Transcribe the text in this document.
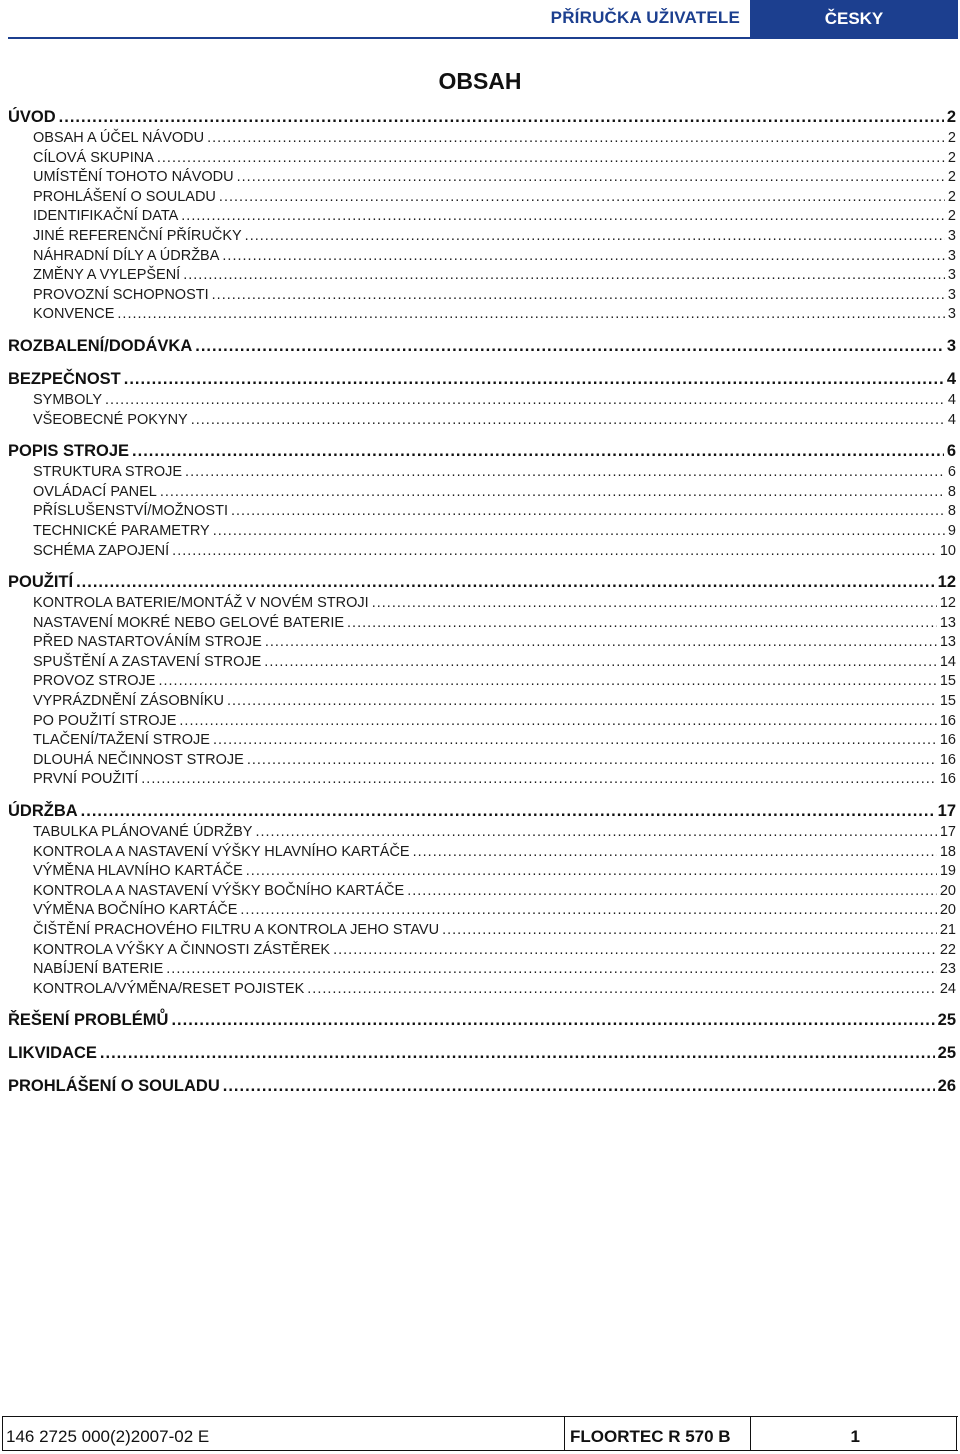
PŘÍRUČKA UŽIVATELE	ČESKY
OBSAH
ÚVOD .....	2
OBSAH A ÚČEL NÁVODU .....	2
CÍLOVÁ SKUPINA .....	2
UMÍSTĚNÍ TOHOTO NÁVODU .....	2
PROHLÁŠENÍ O SOULADU .....	2
IDENTIFIKAČNÍ DATA .....	2
JINÉ REFERENČNÍ PŘÍRUČKY .....	3
NÁHRADNÍ DÍLY A ÚDRŽBA .....	3
ZMĚNY A VYLEPŠENÍ .....	3
PROVOZNÍ SCHOPNOSTI .....	3
KONVENCE .....	3
ROZBALENÍ/DODÁVKA .....	3
BEZPEČNOST .....	4
SYMBOLY .....	4
VŠEOBECNÉ POKYNY .....	4
POPIS STROJE .....	6
STRUKTURA STROJE .....	6
OVLÁDACÍ PANEL .....	8
PŘÍSLUŠENSTVÍ/MOŽNOSTI .....	8
TECHNICKÉ PARAMETRY .....	9
SCHÉMA ZAPOJENÍ .....	10
POUŽITÍ .....	12
KONTROLA BATERIE/MONTÁŽ V NOVÉM STROJI .....	12
NASTAVENÍ MOKRÉ NEBO GELOVÉ BATERIE .....	13
PŘED NASTARTOVÁNÍM STROJE .....	13
SPUŠTĚNÍ A ZASTAVENÍ STROJE .....	14
PROVOZ STROJE .....	15
VYPRÁZDNĚNÍ ZÁSOBNÍKU .....	15
PO POUŽITÍ STROJE .....	16
TLAČENÍ/TAŽENÍ STROJE .....	16
DLOUHÁ NEČINNOST STROJE .....	16
PRVNÍ POUŽITÍ .....	16
ÚDRŽBA .....	17
TABULKA PLÁNOVANÉ ÚDRŽBY .....	17
KONTROLA A NASTAVENÍ VÝŠKY HLAVNÍHO KARTÁČE .....	18
VÝMĚNA HLAVNÍHO KARTÁČE .....	19
KONTROLA A NASTAVENÍ VÝŠKY BOČNÍHO KARTÁČE .....	20
VÝMĚNA BOČNÍHO KARTÁČE .....	20
ČIŠTĚNÍ PRACHOVÉHO FILTRU A KONTROLA JEHO STAVU .....	21
KONTROLA VÝŠKY A ČINNOSTI ZÁSTĚREK .....	22
NABÍJENÍ BATERIE .....	23
KONTROLA/VÝMĚNA/RESET POJISTEK .....	24
ŘEŠENÍ PROBLÉMŮ .....	25
LIKVIDACE .....	25
PROHLÁŠENÍ O SOULADU .....	26
146 2725 000(2)2007-02 E	FLOORTEC R 570 B	1
